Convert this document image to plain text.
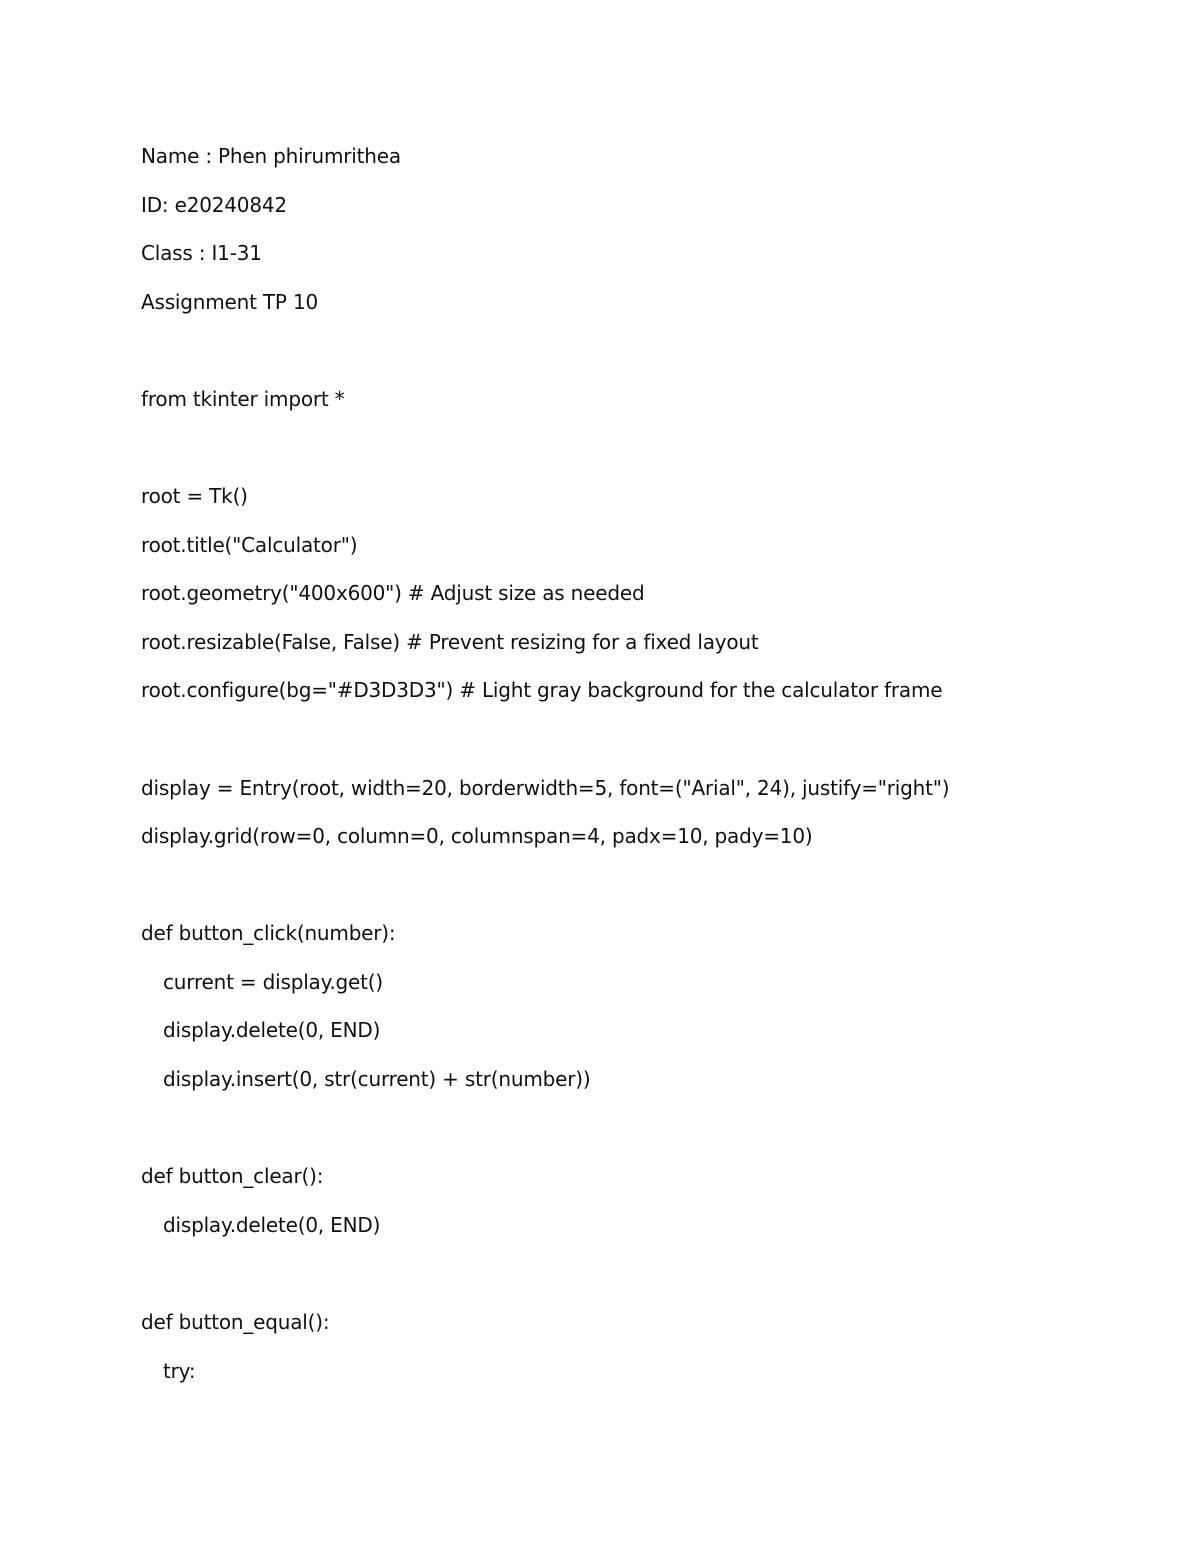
Name : Phen phirumrithea
ID: e20240842
Class : I1-31
Assignment TP 10
from tkinter import *
root = Tk()
root.title("Calculator")
root.geometry("400x600") # Adjust size as needed
root.resizable(False, False) # Prevent resizing for a fixed layout
root.configure(bg="#D3D3D3") # Light gray background for the calculator frame
display = Entry(root, width=20, borderwidth=5, font=("Arial", 24), justify="right")
display.grid(row=0, column=0, columnspan=4, padx=10, pady=10)
def button_click(number):
current = display.get()
display.delete(0, END)
display.insert(0, str(current) + str(number))
def button_clear():
display.delete(0, END)
def button_equal():
try:
